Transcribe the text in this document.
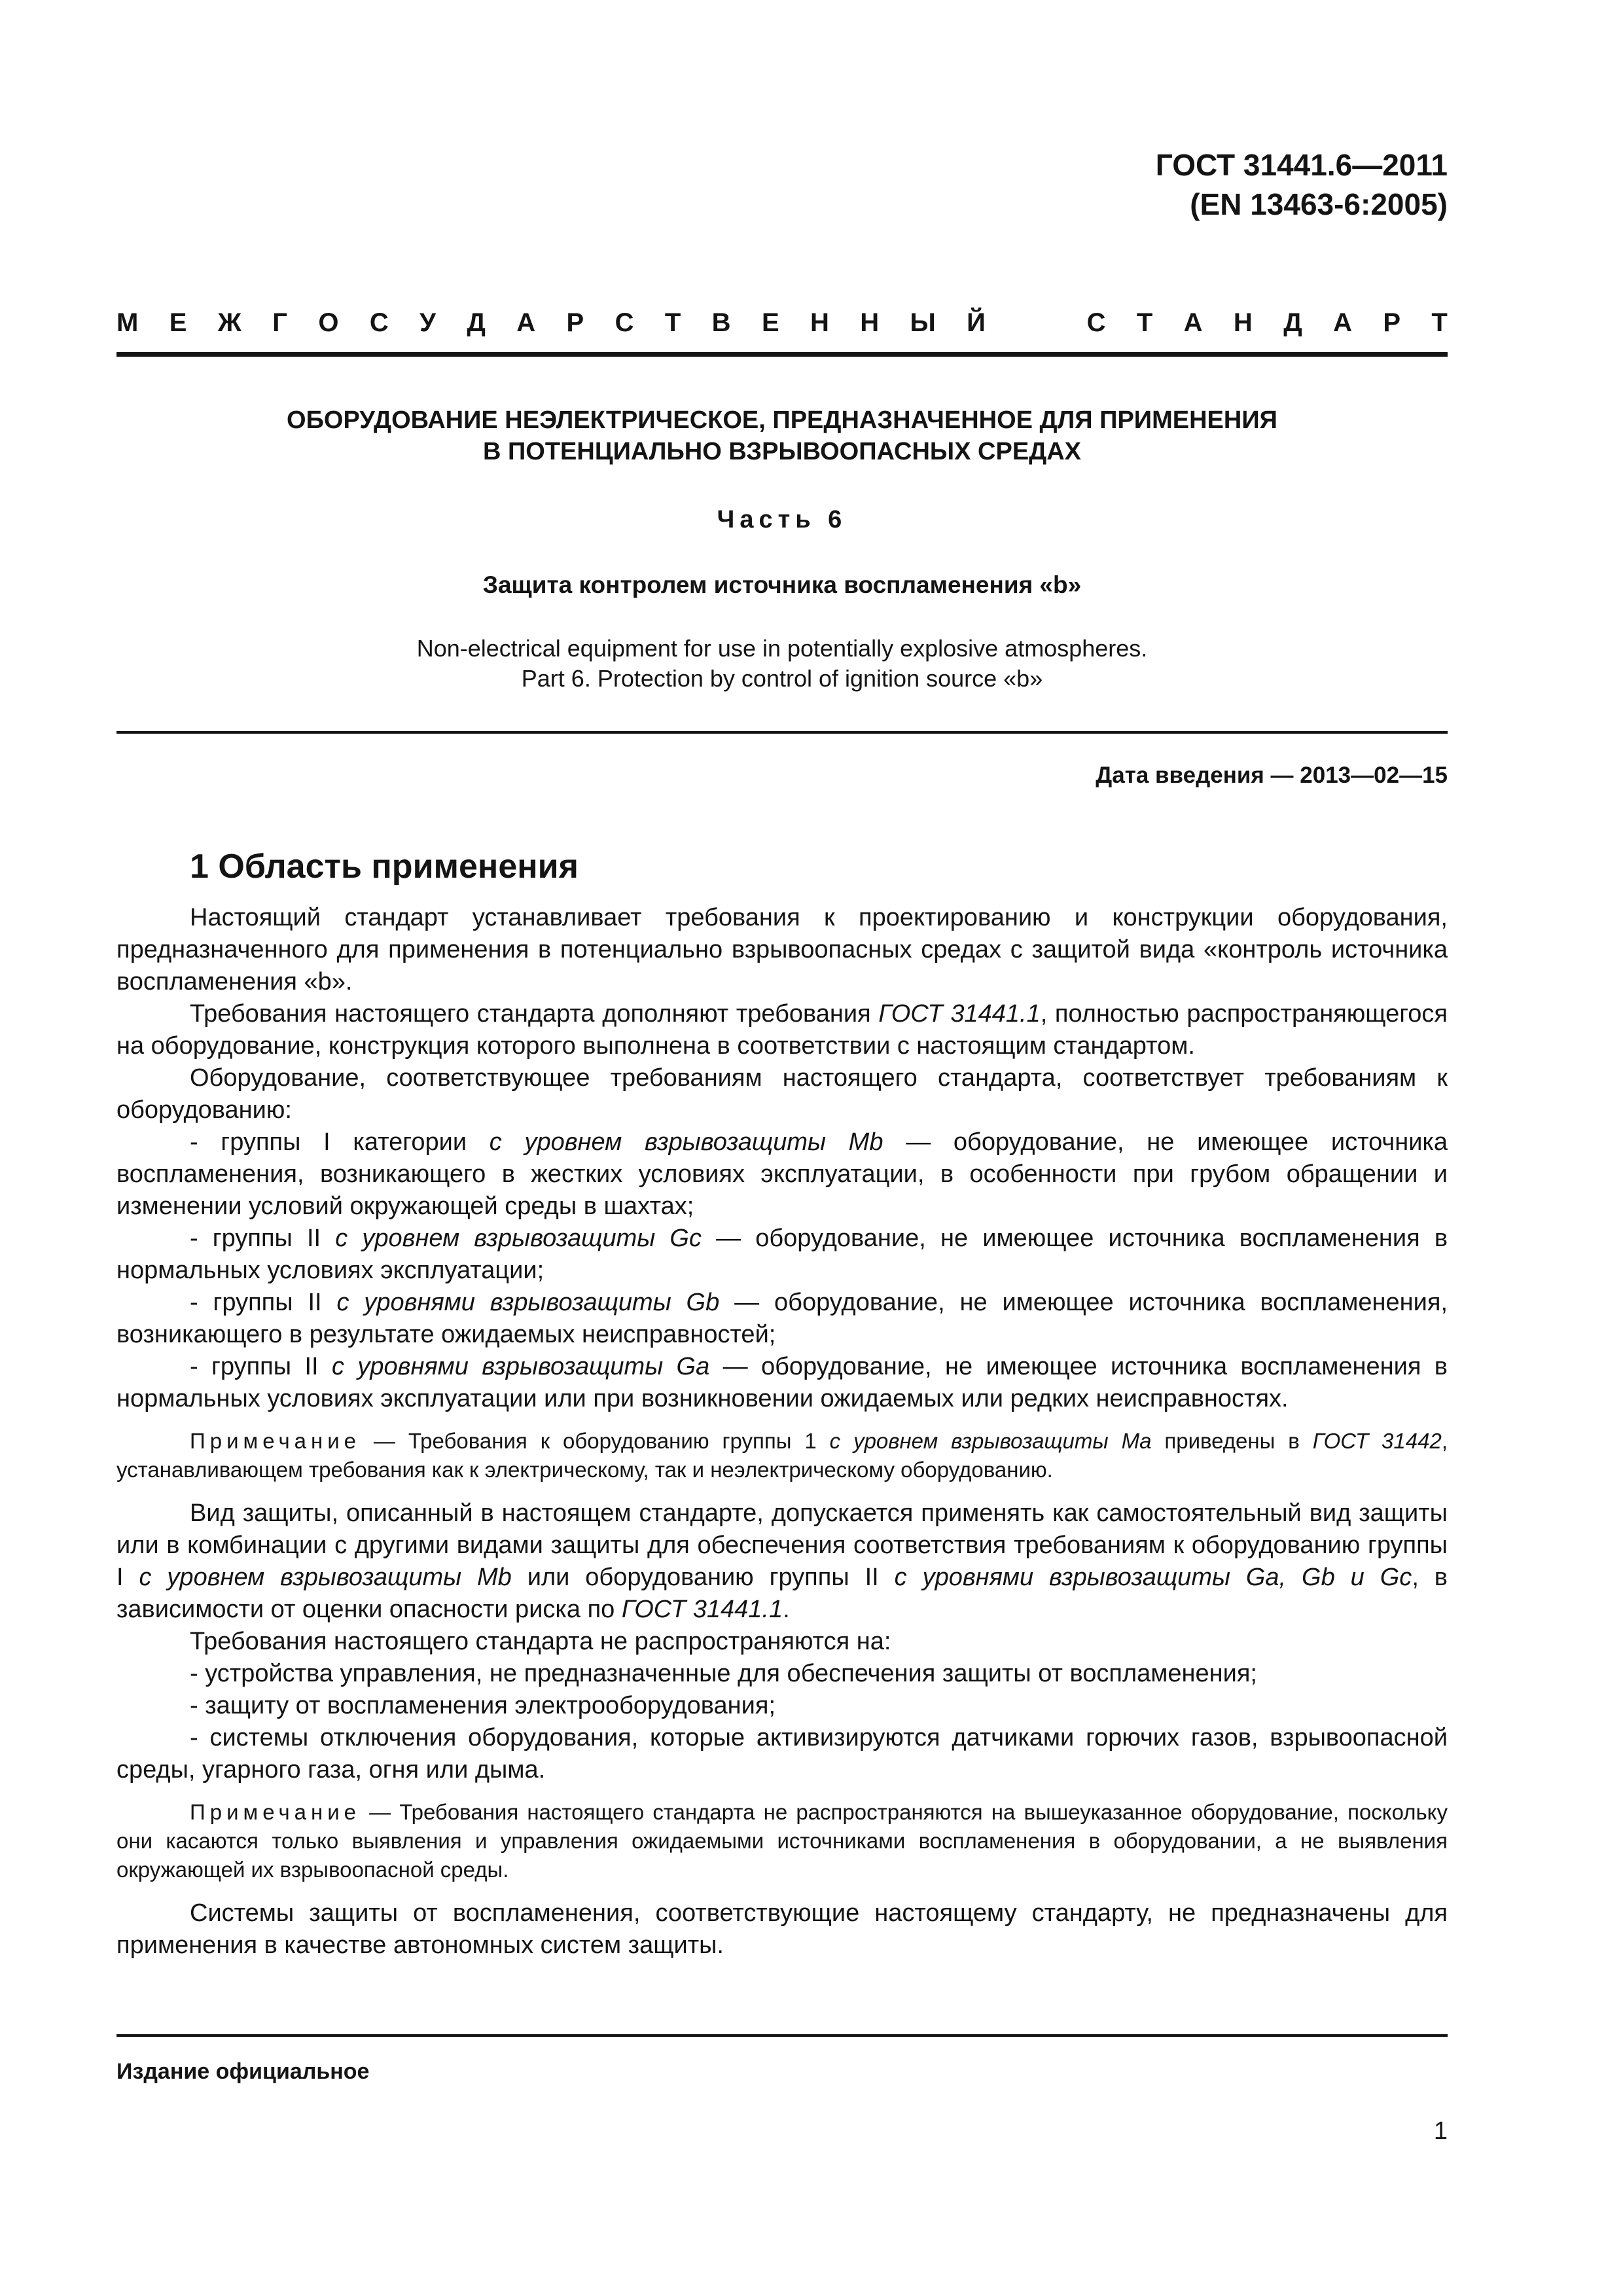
ГОСТ 31441.6—2011
(EN 13463-6:2005)
М Е Ж Г О С У Д А Р С Т В Е Н Н Ы Й	С Т А Н Д А Р Т
ОБОРУДОВАНИЕ НЕЭЛЕКТРИЧЕСКОЕ, ПРЕДНАЗНАЧЕННОЕ ДЛЯ ПРИМЕНЕНИЯ
В ПОТЕНЦИАЛЬНО ВЗРЫВООПАСНЫХ СРЕДАХ
Часть 6
Защита контролем источника воспламенения «b»
Non-electrical equipment for use in potentially explosive atmospheres.
Part 6. Protection by control of ignition source «b»
Дата введения — 2013—02—15
1 Область применения

Настоящий стандарт устанавливает требования к проектированию и конструкции оборудования, предназначенного для применения в потенциально взрывоопасных средах с защитой вида «контроль источника воспламенения «b».

Требования настоящего стандарта дополняют требования ГОСТ 31441.1, полностью распространяющегося на оборудование, конструкция которого выполнена в соответствии с настоящим стандартом.

Оборудование, соответствующее требованиям настоящего стандарта, соответствует требованиям к оборудованию:

- группы I категории с уровнем взрывозащиты Mb — оборудование, не имеющее источника воспламенения, возникающего в жестких условиях эксплуатации, в особенности при грубом обращении и изменении условий окружающей среды в шахтах;

- группы II с уровнем взрывозащиты Gc — оборудование, не имеющее источника воспламенения в нормальных условиях эксплуатации;

- группы II с уровнями взрывозащиты Gb — оборудование, не имеющее источника воспламенения, возникающего в результате ожидаемых неисправностей;

- группы II с уровнями взрывозащиты Ga — оборудование, не имеющее источника воспламенения в нормальных условиях эксплуатации или при возникновении ожидаемых или редких неисправностях.

Примечание — Требования к оборудованию группы 1 с уровнем взрывозащиты Ma приведены в ГОСТ 31442, устанавливающем требования как к электрическому, так и неэлектрическому оборудованию.

Вид защиты, описанный в настоящем стандарте, допускается применять как самостоятельный вид защиты или в комбинации с другими видами защиты для обеспечения соответствия требованиям к оборудованию группы I с уровнем взрывозащиты Mb или оборудованию группы II с уровнями взрывозащиты Ga, Gb и Gc, в зависимости от оценки опасности риска по ГОСТ 31441.1.

Требования настоящего стандарта не распространяются на:

- устройства управления, не предназначенные для обеспечения защиты от воспламенения;

- защиту от воспламенения электрооборудования;

- системы отключения оборудования, которые активизируются датчиками горючих газов, взрывоопасной среды, угарного газа, огня или дыма.

Примечание — Требования настоящего стандарта не распространяются на вышеуказанное оборудование, поскольку они касаются только выявления и управления ожидаемыми источниками воспламенения в оборудовании, а не выявления окружающей их взрывоопасной среды.

Системы защиты от воспламенения, соответствующие настоящему стандарту, не предназначены для применения в качестве автономных систем защиты.

Издание официальное
1
